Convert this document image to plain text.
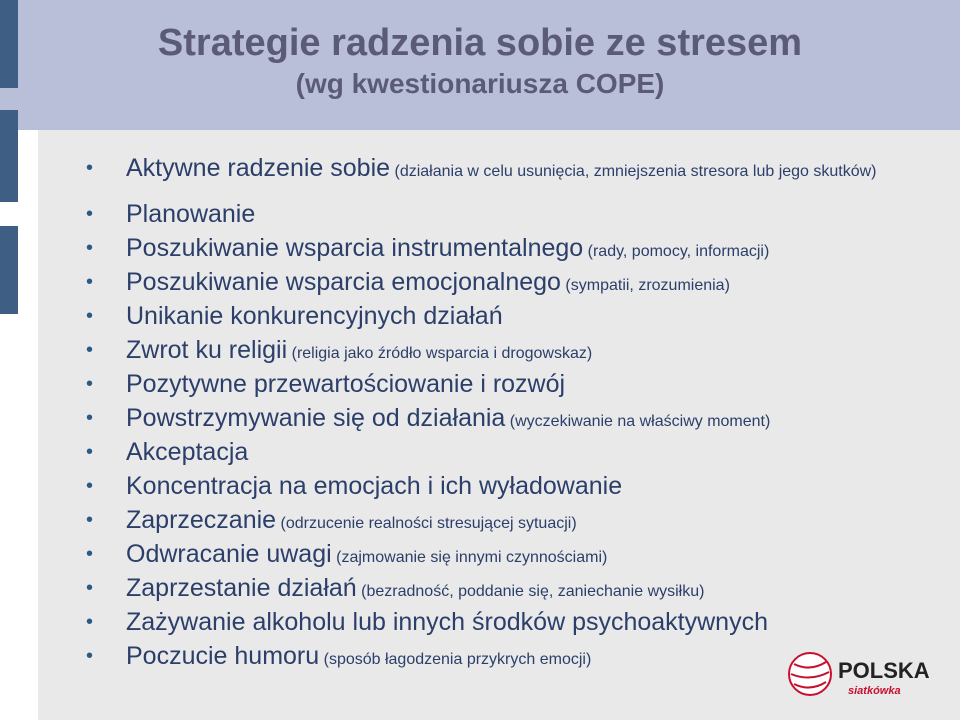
Strategie radzenia sobie ze stresem
(wg kwestionariusza COPE)
• Aktywne radzenie sobie (działania w celu usunięcia, zmniejszenia stresora lub jego skutków)
• Planowanie
• Poszukiwanie wsparcia instrumentalnego (rady, pomocy, informacji)
• Poszukiwanie wsparcia emocjonalnego (sympatii, zrozumienia)
• Unikanie konkurencyjnych działań
• Zwrot ku religii (religia jako źródło wsparcia i drogowskaz)
• Pozytywne przewartościowanie i rozwój
• Powstrzymywanie się od działania (wyczekiwanie na właściwy moment)
• Akceptacja
• Koncentracja na emocjach i ich wyładowanie
• Zaprzeczanie (odrzucenie realności stresującej sytuacji)
• Odwracanie uwagi (zajmowanie się innymi czynnościami)
• Zaprzestanie działań (bezradność, poddanie się, zaniechanie wysiłku)
• Zażywanie alkoholu lub innych środków psychoaktywnych
• Poczucie humoru (sposób łagodzenia przykrych emocji)	POLSKA
siatkówka
